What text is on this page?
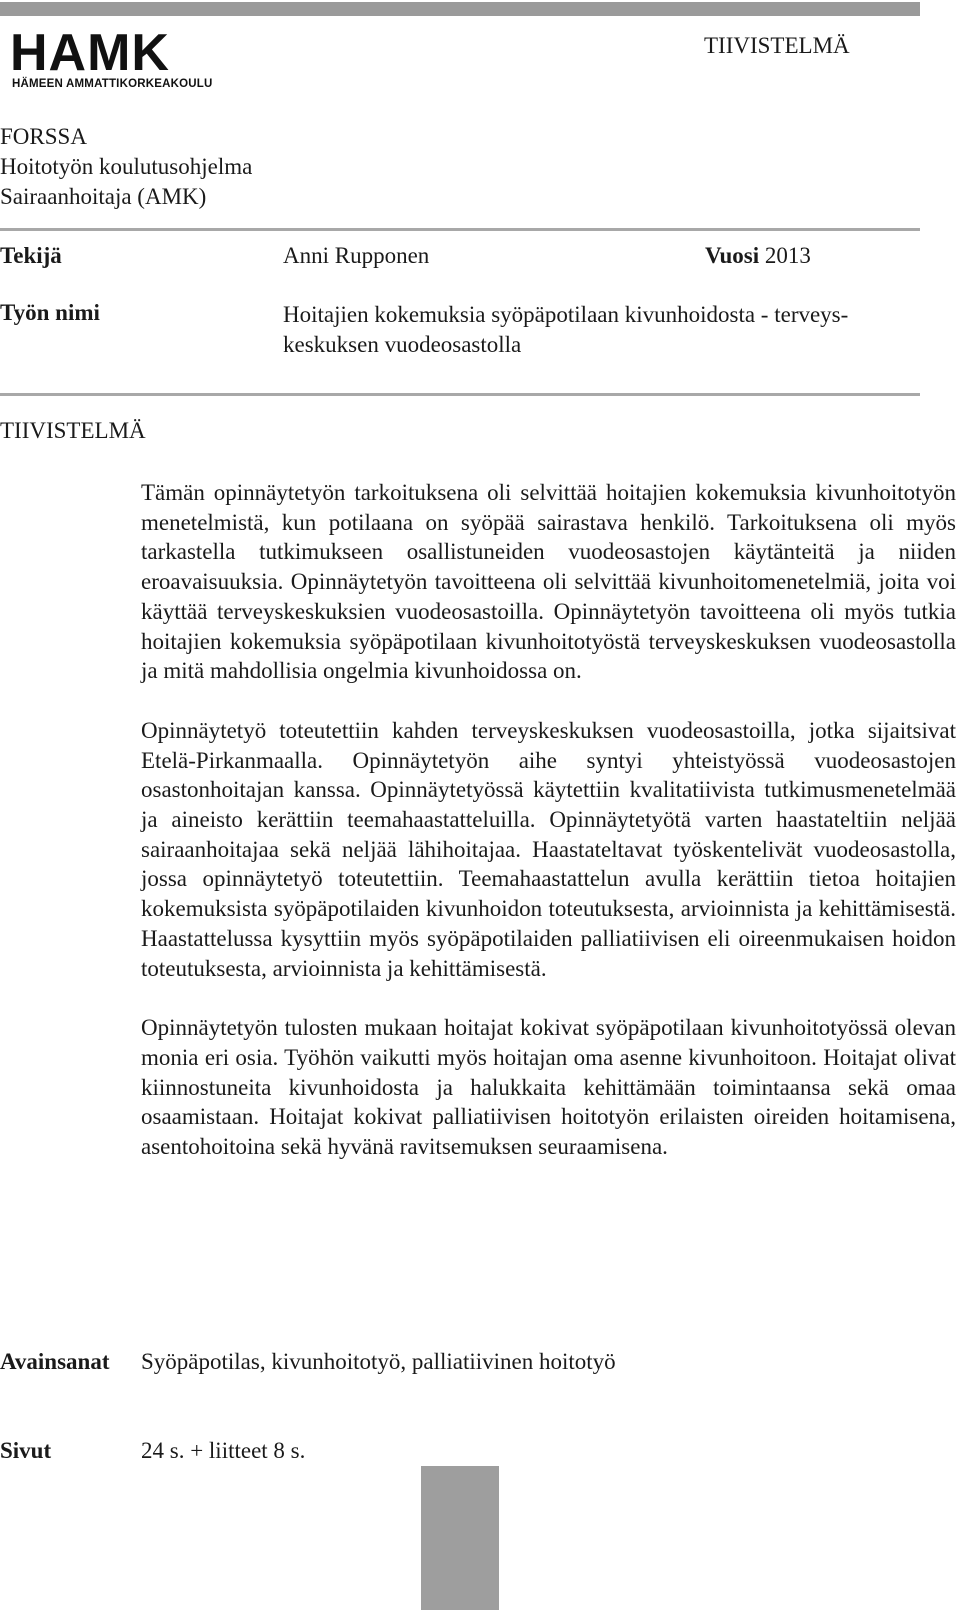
HAMK
HÄMEEN AMMATTIKORKEAKOULU
TIIVISTELMÄ
FORSSA
Hoitotyön koulutusohjelma
Sairaanhoitaja (AMK)
Tekijä	Anni Rupponen	Vuosi 2013
Työn nimi	Hoitajien kokemuksia syöpäpotilaan kivunhoidosta - terveys-
keskuksen vuodeosastolla
TIIVISTELMÄ

Tämän opinnäytetyön tarkoituksena oli selvittää hoitajien kokemuksia kivunhoitotyön menetelmistä, kun potilaana on syöpää sairastava henkilö. Tarkoituksena oli myös tarkastella tutkimukseen osallistuneiden vuodeosastojen käytänteitä ja niiden eroavaisuuksia. Opinnäytetyön tavoitteena oli selvittää kivunhoitomenetelmiä, joita voi käyttää terveyskeskuksien vuodeosastoilla. Opinnäytetyön tavoitteena oli myös tutkia hoitajien kokemuksia syöpäpotilaan kivunhoitotyöstä terveyskeskuksen vuodeosastolla ja mitä mahdollisia ongelmia kivunhoidossa on.

Opinnäytetyö toteutettiin kahden terveyskeskuksen vuodeosastoilla, jotka sijaitsivat Etelä-Pirkanmaalla. Opinnäytetyön aihe syntyi yhteistyössä vuodeosastojen osastonhoitajan kanssa. Opinnäytetyössä käytettiin kvalitatiivista tutkimusmenetelmää ja aineisto kerättiin teemahaastatteluilla. Opinnäytetyötä varten haastateltiin neljää sairaanhoitajaa sekä neljää lähihoitajaa. Haastateltavat työskentelivät vuodeosastolla, jossa opinnäytetyö toteutettiin. Teemahaastattelun avulla kerättiin tietoa hoitajien kokemuksista syöpäpotilaiden kivunhoidon toteutuksesta, arvioinnista ja kehittämisestä. Haastattelussa kysyttiin myös syöpäpotilaiden palliatiivisen eli oireenmukaisen hoidon toteutuksesta, arvioinnista ja kehittämisestä.

Opinnäytetyön tulosten mukaan hoitajat kokivat syöpäpotilaan kivunhoitotyössä olevan monia eri osia. Työhön vaikutti myös hoitajan oma asenne kivunhoitoon. Hoitajat olivat kiinnostuneita kivunhoidosta ja halukkaita kehittämään toimintaansa sekä omaa osaamistaan. Hoitajat kokivat palliatiivisen hoitotyön erilaisten oireiden hoitamisena, asentohoitoina sekä hyvänä ravitsemuksen seuraamisena.

Avainsanat Syöpäpotilas, kivunhoitotyö, palliatiivinen hoitotyö
Sivut	24 s. + liitteet 8 s.
